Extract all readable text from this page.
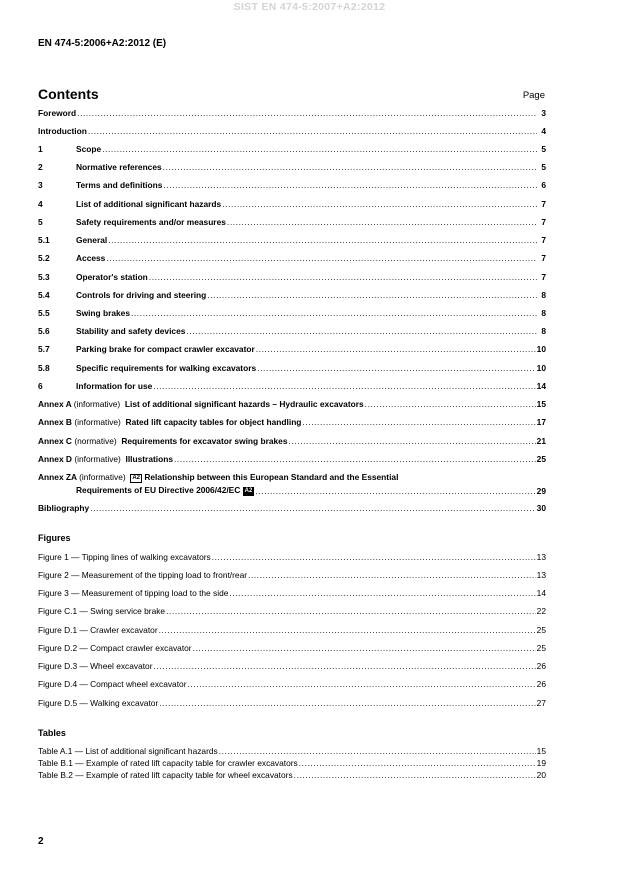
SIST EN 474-5:2007+A2:2012
EN 474-5:2006+A2:2012 (E)
Contents	Page
Foreword .....	3
Introduction .....	4
1	Scope .....	5
2	Normative references .....	5
3	Terms and definitions .....	6
4	List of additional significant hazards .....	7
5	Safety requirements and/or measures .....	7
5.1	General .....	7
5.2	Access .....	7
5.3	Operator's station .....	7
5.4	Controls for driving and steering .....	8
5.5	Swing brakes .....	8
5.6	Stability and safety devices .....	8
5.7	Parking brake for compact crawler excavator .....	10
5.8	Specific requirements for walking excavators .....	10
6	Information for use .....	14
Annex A (informative) List of additional significant hazards – Hydraulic excavators .....	15
Annex B (informative) Rated lift capacity tables for object handling .....	17
Annex C (normative) Requirements for excavator swing brakes .....	21
Annex D (informative) Illustrations .....	25
Annex ZA (informative) A2 Relationship between this European Standard and the Essential
Requirements of EU Directive 2006/42/EC A2 .....	29
Bibliography .....	30
Figures
Figure 1 — Tipping lines of walking excavators .....	13
Figure 2 — Measurement of the tipping load to front/rear .....	13
Figure 3 — Measurement of tipping load to the side .....	14
Figure C.1 — Swing service brake .....	22
Figure D.1 — Crawler excavator .....	25
Figure D.2 — Compact crawler excavator .....	25
Figure D.3 — Wheel excavator .....	26
Figure D.4 — Compact wheel excavator .....	26
Figure D.5 — Walking excavator .....	27
Tables
Table A.1 — List of additional significant hazards .....	15
Table B.1 — Example of rated lift capacity table for crawler excavators .....	19
Table B.2 — Example of rated lift capacity table for wheel excavators .....	20
2
